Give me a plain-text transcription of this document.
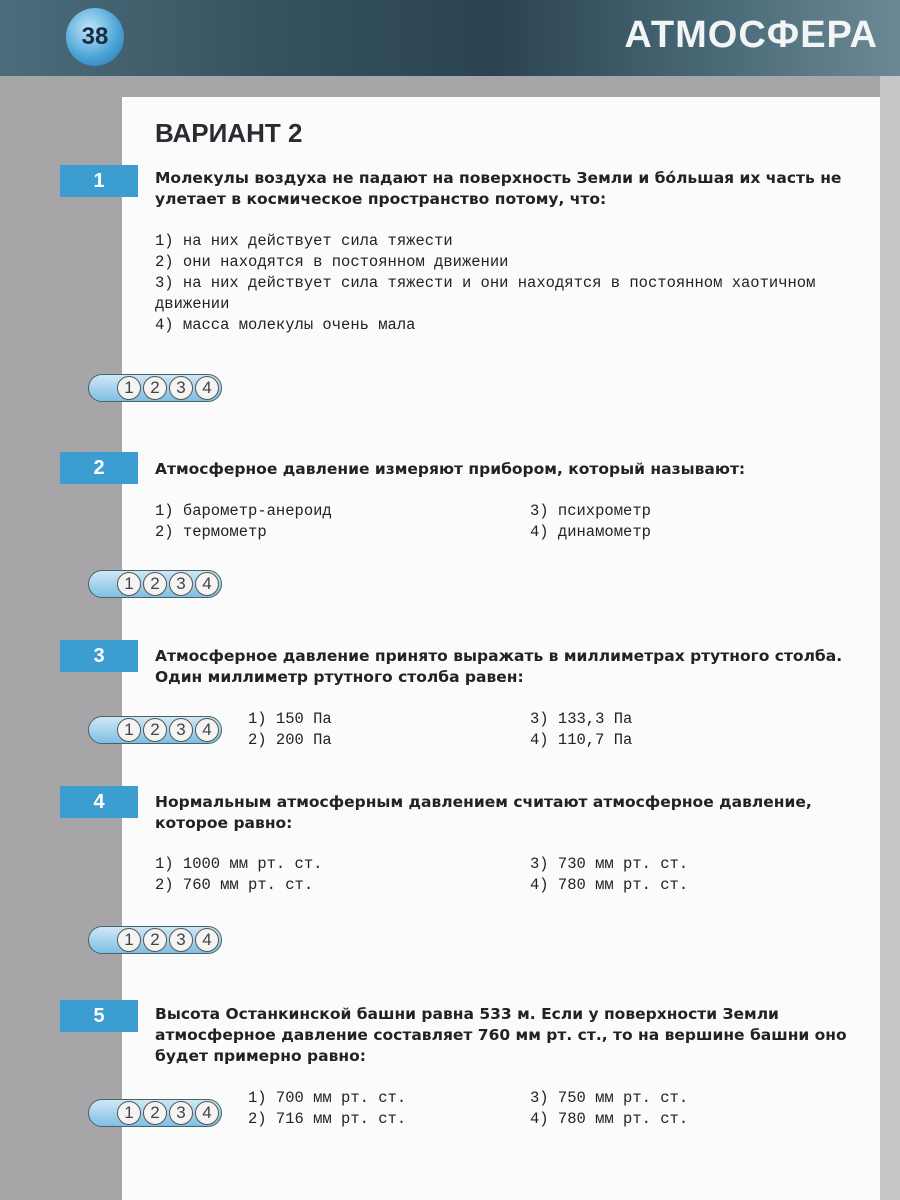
38	АТМОСФЕРА
ВАРИАНТ 2
1	Молекулы воздуха не падают на поверхность Земли и бо́льшая их часть не улетает в космическое пространство потому, что:
1) на них действует сила тяжести
2) они находятся в постоянном движении
3) на них действует сила тяжести и они находятся в постоянном хаотичном движении
4) масса молекулы очень мала
1 2 3 4
2	Атмосферное давление измеряют прибором, который называют:
1) барометр-анероид
2) термометр
3) психрометр
4) динамометр
1 2 3 4
3	Атмосферное давление принято выражать в миллиметрах ртутного столба. Один миллиметр ртутного столба равен:
1) 150 Па
2) 200 Па
3) 133,3 Па
4) 110,7 Па
1 2 3 4
4	Нормальным атмосферным давлением считают атмосферное давление, которое равно:
1) 1000 мм рт. ст.
2) 760 мм рт. ст.
3) 730 мм рт. ст.
4) 780 мм рт. ст.
1 2 3 4
5	Высота Останкинской башни равна 533 м. Если у поверхности Земли атмосферное давление составляет 760 мм рт. ст., то на вершине башни оно будет примерно равно:
1) 700 мм рт. ст.
2) 716 мм рт. ст.
3) 750 мм рт. ст.
4) 780 мм рт. ст.
1 2 3 4
